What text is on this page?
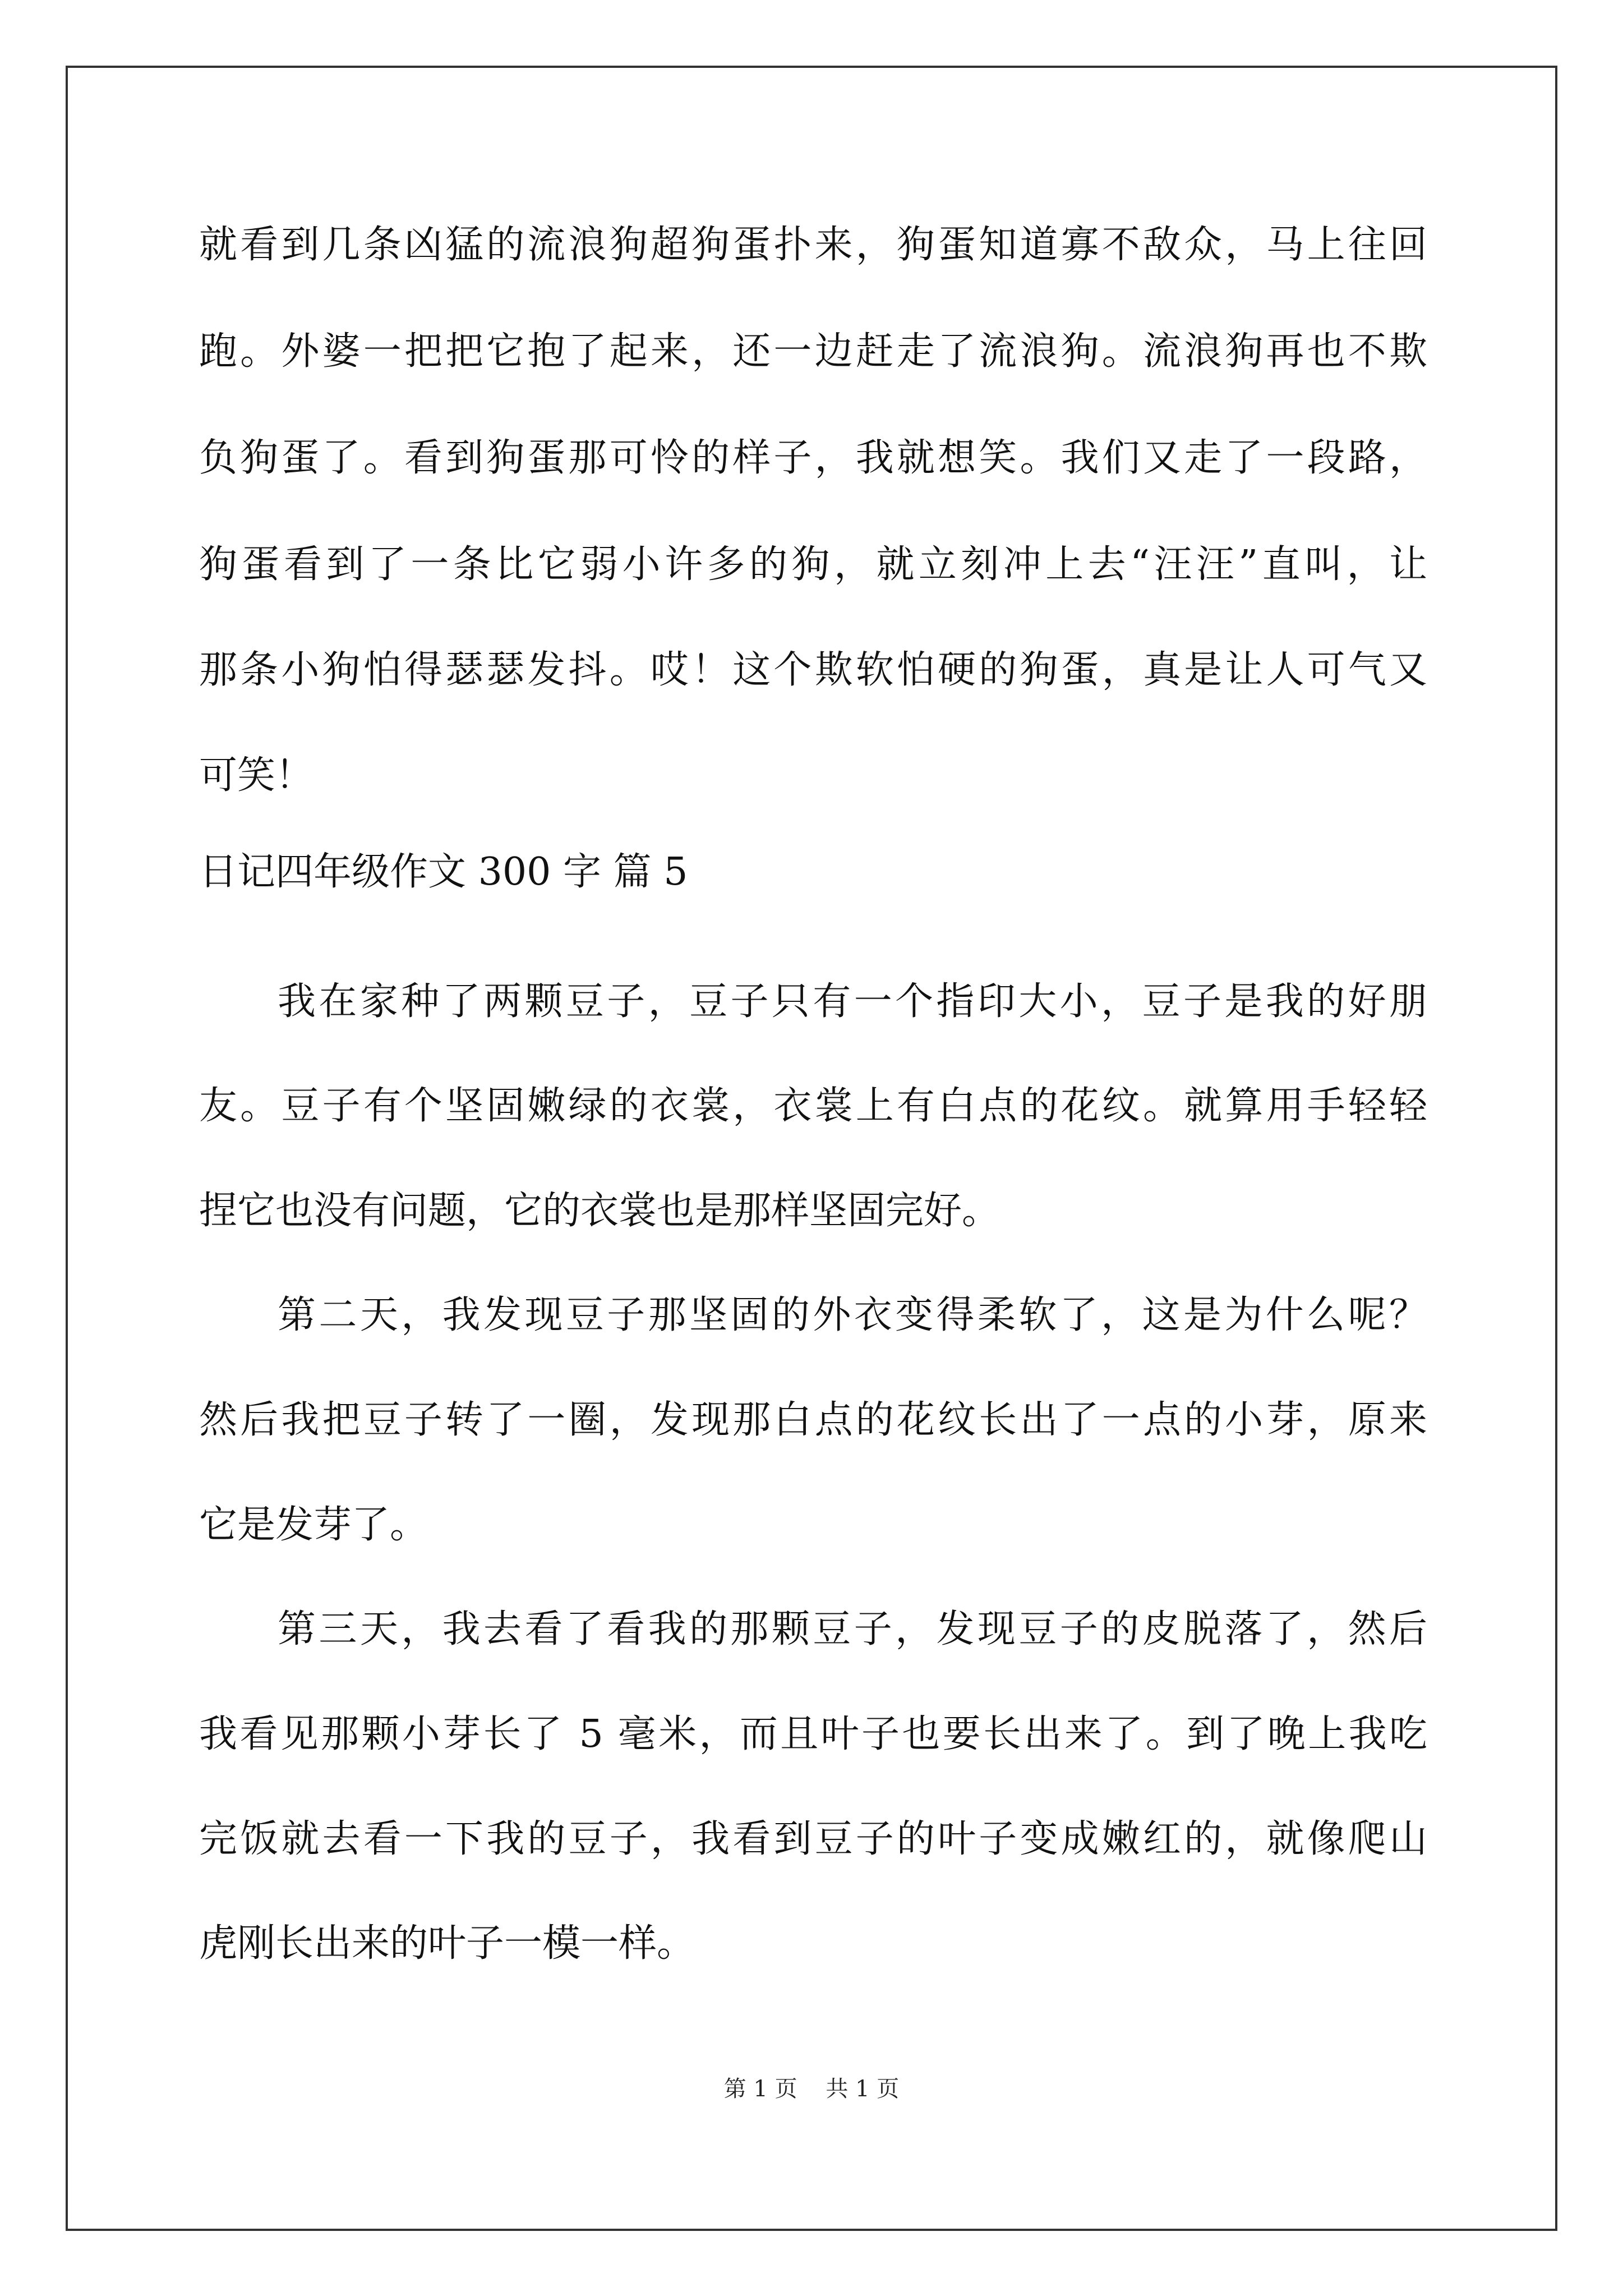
就看到几条凶猛的流浪狗超狗蛋扑来，狗蛋知道寡不敌众，马上往回

跑。外婆一把把它抱了起来，还一边赶走了流浪狗。流浪狗再也不欺

负狗蛋了。看到狗蛋那可怜的样子，我就想笑。我们又走了一段路，

狗蛋看到了一条比它弱小许多的狗，就立刻冲上去“汪汪”直叫，让

那条小狗怕得瑟瑟发抖。哎！这个欺软怕硬的狗蛋，真是让人可气又

可笑！

日记四年级作文 300 字 篇 5

我在家种了两颗豆子，豆子只有一个指印大小，豆子是我的好朋

友。豆子有个坚固嫩绿的衣裳，衣裳上有白点的花纹。就算用手轻轻

捏它也没有问题，它的衣裳也是那样坚固完好。

第二天，我发现豆子那坚固的外衣变得柔软了，这是为什么呢？

然后我把豆子转了一圈，发现那白点的花纹长出了一点的小芽，原来

它是发芽了。

第三天，我去看了看我的那颗豆子，发现豆子的皮脱落了，然后

我看见那颗小芽长了 5 毫米，而且叶子也要长出来了。到了晚上我吃

完饭就去看一下我的豆子，我看到豆子的叶子变成嫩红的，就像爬山

虎刚长出来的叶子一模一样。

第 1 页    共 1 页
